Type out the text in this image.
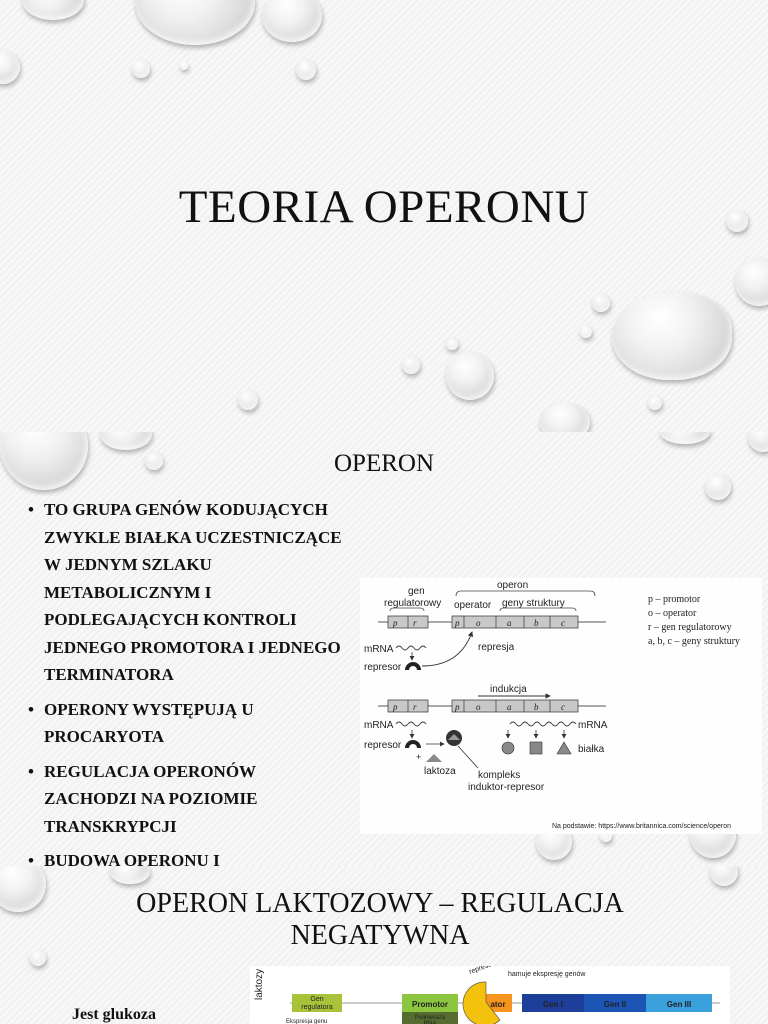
TEORIA OPERONU
OPERON
• TO GRUPA GENÓW KODUJĄCYCH ZWYKLE BIAŁKA UCZESTNICZĄCE W JEDNYM SZLAKU METABOLICZNYM I PODLEGAJĄCYCH KONTROLI JEDNEGO PROMOTORA I JEDNEGO TERMINATORA
• OPERONY WYSTĘPUJĄ U PROCARYOTA
• REGULACJA OPERONÓW ZACHODZI NA POZIOMIE TRANSKRYPCJI
• BUDOWA OPERONU I
gen
regulatorowy
operon
operator geny struktury
p r	p o	a	b	c
mRNA
represor
represja
p – promotor
o – operator
r – gen regulatorowy
a, b, c – geny struktury
indukcja
p r	p o	a	b	c
mRNA	mRNA
represor
+
laktoza kompleks
induktor-represor
białka
Na podstawie: https://www.britannica.com/science/operon
OPERON LAKTOZOWY – REGULACJA NEGATYWNA
Jest glukoza
laktozy
represor hamuje ekspresję genów
Gen
regulatora
Ekspresja genu
Promotor
Polimeraza
RNA
ator	Gen I	Gen II	Gen III
